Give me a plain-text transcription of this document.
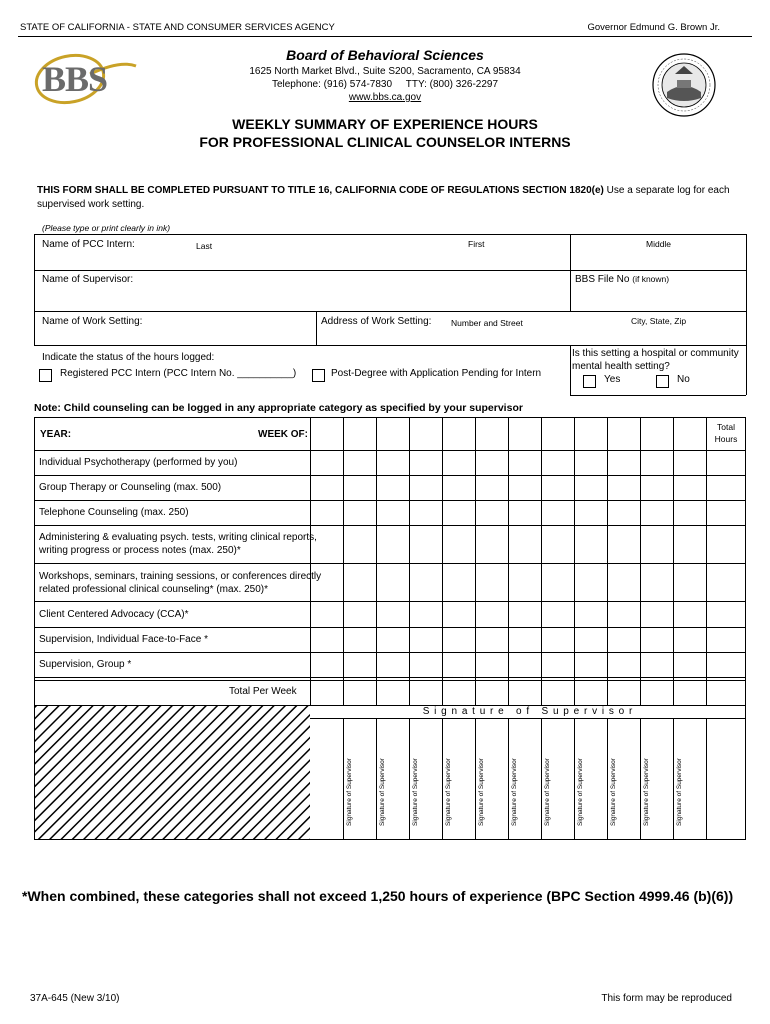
STATE OF CALIFORNIA - STATE AND CONSUMER SERVICES AGENCY	Governor Edmund G. Brown Jr.
BBS
Board of Behavioral Sciences
1625 North Market Blvd., Suite S200, Sacramento, CA 95834
Telephone: (916) 574-7830     TTY: (800) 326-2297
www.bbs.ca.gov
WEEKLY SUMMARY OF EXPERIENCE HOURS
FOR PROFESSIONAL CLINICAL COUNSELOR INTERNS
THIS FORM SHALL BE COMPLETED PURSUANT TO TITLE 16, CALIFORNIA CODE OF REGULATIONS SECTION 1820(e) Use a separate log for each
supervised work setting.
(Please type or print clearly in ink)
Name of PCC Intern:	Last	First	Middle
Name of Supervisor:	BBS File No (if known)
Name of Work Setting:	Address of Work Setting: Number and Street	City, State, Zip
Indicate the status of the hours logged:
Registered PCC Intern (PCC Intern No. __________)	Post-Degree with Application Pending for Intern
Is this setting a hospital or community
mental health setting?
Yes	No
Note: Child counseling can be logged in any appropriate category as specified by your supervisor
YEAR:	WEEK OF:
Total
Hours
Individual Psychotherapy (performed by you)
Group Therapy or Counseling (max. 500)
Telephone Counseling (max. 250)
Administering & evaluating psych. tests, writing clinical reports,
writing progress or process notes (max. 250)*
Workshops, seminars, training sessions, or conferences directly
related professional clinical counseling* (max. 250)*
Client Centered Advocacy (CCA)*
Supervision, Individual Face-to-Face *
Supervision, Group *
Total Per Week
S i g n a t u r e   o f   S u p e r v i s o r
Signature of Supervisor	Signature of Supervisor	Signature of Supervisor	Signature of Supervisor	Signature of Supervisor	Signature of Supervisor	Signature of Supervisor	Signature of Supervisor	Signature of Supervisor	Signature of Supervisor	Signature of Supervisor
*When combined, these categories shall not exceed 1,250 hours of experience (BPC Section 4999.46 (b)(6))
37A-645 (New 3/10)	This form may be reproduced
